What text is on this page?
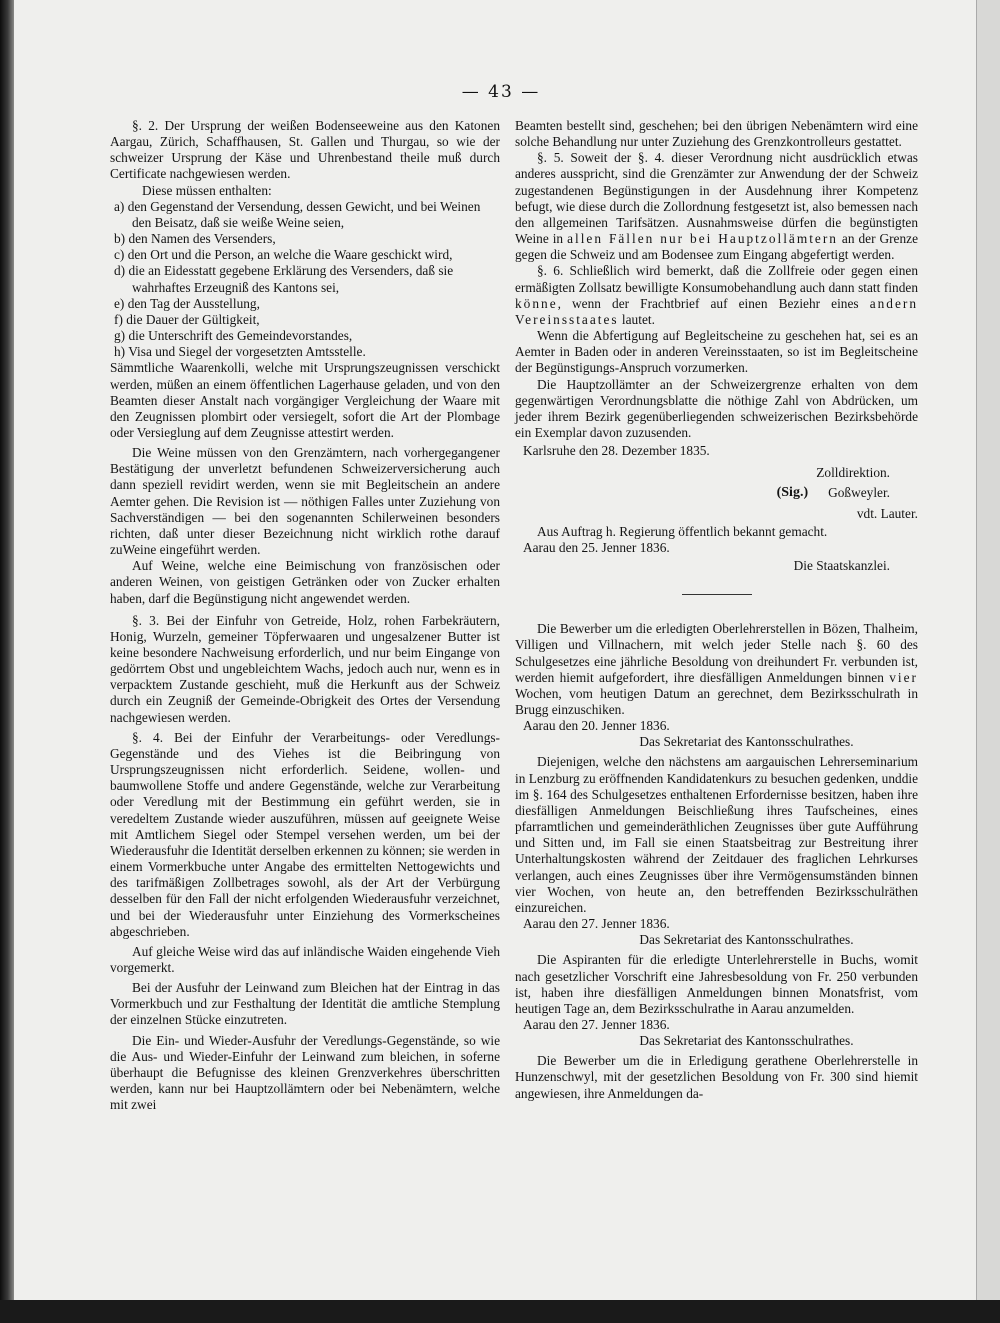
— 43 —

§. 2. Der Ursprung der weißen Bodenseeweine aus den Katonen Aargau, Zürich, Schaffhausen, St. Gallen und Thurgau, so wie der schweizer Ursprung der Käse und Uhrenbestand theile muß durch Certificate nachgewiesen werden.

Diese müssen enthalten:

a) den Gegenstand der Versendung, dessen Gewicht, und bei Weinen den Beisatz, daß sie weiße Weine seien,

b) den Namen des Versenders,

c) den Ort und die Person, an welche die Waare geschickt wird,

d) die an Eidesstatt gegebene Erklärung des Versenders, daß sie wahrhaftes Erzeugniß des Kantons sei,

e) den Tag der Ausstellung,

f) die Dauer der Gültigkeit,

g) die Unterschrift des Gemeindevorstandes,

h) Visa und Siegel der vorgesetzten Amtsstelle.

Sämmtliche Waarenkolli, welche mit Ursprungszeugnissen verschickt werden, müßen an einem öffentlichen Lagerhause geladen, und von den Beamten dieser Anstalt nach vorgängiger Vergleichung der Waare mit den Zeugnissen plombirt oder versiegelt, sofort die Art der Plombage oder Versieglung auf dem Zeugnisse attestirt werden.

Die Weine müssen von den Grenzämtern, nach vorhergegangener Bestätigung der unverletzt befundenen Schweizerversicherung auch dann speziell revidirt werden, wenn sie mit Begleitschein an andere Aemter gehen. Die Revision ist — nöthigen Falles unter Zuziehung von Sachverständigen — bei den sogenannten Schilerweinen besonders richten, daß unter dieser Bezeichnung nicht wirklich rothe darauf zuWeine eingeführt werden.

Auf Weine, welche eine Beimischung von französischen oder anderen Weinen, von geistigen Getränken oder von Zucker erhalten haben, darf die Begünstigung nicht angewendet werden.

§. 3. Bei der Einfuhr von Getreide, Holz, rohen Farbekräutern, Honig, Wurzeln, gemeiner Töpferwaaren und ungesalzener Butter ist keine besondere Nachweisung erforderlich, und nur beim Eingange von gedörrtem Obst und ungebleichtem Wachs, jedoch auch nur, wenn es in verpacktem Zustande geschieht, muß die Herkunft aus der Schweiz durch ein Zeugniß der Gemeinde-Obrigkeit des Ortes der Versendung nachgewiesen werden.

§. 4. Bei der Einfuhr der Verarbeitungs- oder Veredlungs-Gegenstände und des Viehes ist die Beibringung von Ursprungszeugnissen nicht erforderlich. Seidene, wollen- und baumwollene Stoffe und andere Gegenstände, welche zur Verarbeitung oder Veredlung mit der Bestimmung ein geführt werden, sie in veredeltem Zustande wieder auszuführen, müssen auf geeignete Weise mit Amtlichem Siegel oder Stempel versehen werden, um bei der Wiederausfuhr die Identität derselben erkennen zu können; sie werden in einem Vormerkbuche unter Angabe des ermittelten Nettogewichts und des tarifmäßigen Zollbetrages sowohl, als der Art der Verbürgung desselben für den Fall der nicht erfolgenden Wiederausfuhr verzeichnet, und bei der Wiederausfuhr unter Einziehung des Vormerkscheines abgeschrieben.

Auf gleiche Weise wird das auf inländische Waiden eingehende Vieh vorgemerkt.

Bei der Ausfuhr der Leinwand zum Bleichen hat der Eintrag in das Vormerkbuch und zur Festhaltung der Identität die amtliche Stemplung der einzelnen Stücke einzutreten.

Die Ein- und Wieder-Ausfuhr der Veredlungs-Gegenstände, so wie die Aus- und Wieder-Einfuhr der Leinwand zum bleichen, in soferne überhaupt die Befugnisse des kleinen Grenzverkehres überschritten werden, kann nur bei Hauptzollämtern oder bei Nebenämtern, welche mit zwei

Beamten bestellt sind, geschehen; bei den übrigen Nebenämtern wird eine solche Behandlung nur unter Zuziehung des Grenzkontrolleurs gestattet.

§. 5. Soweit der §. 4. dieser Verordnung nicht ausdrücklich etwas anderes ausspricht, sind die Grenzämter zur Anwendung der der Schweiz zugestandenen Begünstigungen in der Ausdehnung ihrer Kompetenz befugt, wie diese durch die Zollordnung festgesetzt ist, also bemessen nach den allgemeinen Tarifsätzen. Ausnahmsweise dürfen die begünstigten Weine in allen Fällen nur bei Hauptzollämtern an der Grenze gegen die Schweiz und am Bodensee zum Eingang abgefertigt werden.

§. 6. Schließlich wird bemerkt, daß die Zollfreie oder gegen einen ermäßigten Zollsatz bewilligte Konsumobehandlung auch dann statt finden könne, wenn der Frachtbrief auf einen Beziehr eines andern Vereinsstaates lautet.

Wenn die Abfertigung auf Begleitscheine zu geschehen hat, sei es an Aemter in Baden oder in anderen Vereinsstaaten, so ist im Begleitscheine der Begünstigungs-Anspruch vorzumerken.

Die Hauptzollämter an der Schweizergrenze erhalten von dem gegenwärtigen Verordnungsblatte die nöthige Zahl von Abdrücken, um jeder ihrem Bezirk gegenüberliegenden schweizerischen Bezirksbehörde ein Exemplar davon zuzusenden.

Karlsruhe den 28. Dezember 1835.

Zolldirektion.

(Sig.) Goßweyler.

vdt. Lauter.

Aus Auftrag h. Regierung öffentlich bekannt gemacht.

Aarau den 25. Jenner 1836.

Die Staatskanzlei.

Die Bewerber um die erledigten Oberlehrerstellen in Bözen, Thalheim, Villigen und Villnachern, mit welch jeder Stelle nach §. 60 des Schulgesetzes eine jährliche Besoldung von dreihundert Fr. verbunden ist, werden hiemit aufgefordert, ihre diesfälligen Anmeldungen binnen vier Wochen, vom heutigen Datum an gerechnet, dem Bezirksschulrath in Brugg einzuschiken.

Aarau den 20. Jenner 1836.

Das Sekretariat des Kantonsschulrathes.

Diejenigen, welche den nächstens am aargauischen Lehrerseminarium in Lenzburg zu eröffnenden Kandidatenkurs zu besuchen gedenken, unddie im §. 164 des Schulgesetzes enthaltenen Erfordernisse besitzen, haben ihre diesfälligen Anmeldungen Beischließung ihres Taufscheines, eines pfarramtlichen und gemeinderäthlichen Zeugnisses über gute Aufführung und Sitten und, im Fall sie einen Staatsbeitrag zur Bestreitung ihrer Unterhaltungskosten während der Zeitdauer des fraglichen Lehrkurses verlangen, auch eines Zeugnisses über ihre Vermögensumständen binnen vier Wochen, von heute an, den betreffenden Bezirksschulräthen einzureichen.

Aarau den 27. Jenner 1836.

Das Sekretariat des Kantonsschulrathes.

Die Aspiranten für die erledigte Unterlehrerstelle in Buchs, womit nach gesetzlicher Vorschrift eine Jahresbesoldung von Fr. 250 verbunden ist, haben ihre diesfälligen Anmeldungen binnen Monatsfrist, vom heutigen Tage an, dem Bezirksschulrathe in Aarau anzumelden.

Aarau den 27. Jenner 1836.

Das Sekretariat des Kantonsschulrathes.

Die Bewerber um die in Erledigung gerathene Oberlehrerstelle in Hunzenschwyl, mit der gesetzlichen Besoldung von Fr. 300 sind hiemit angewiesen, ihre Anmeldungen da-
